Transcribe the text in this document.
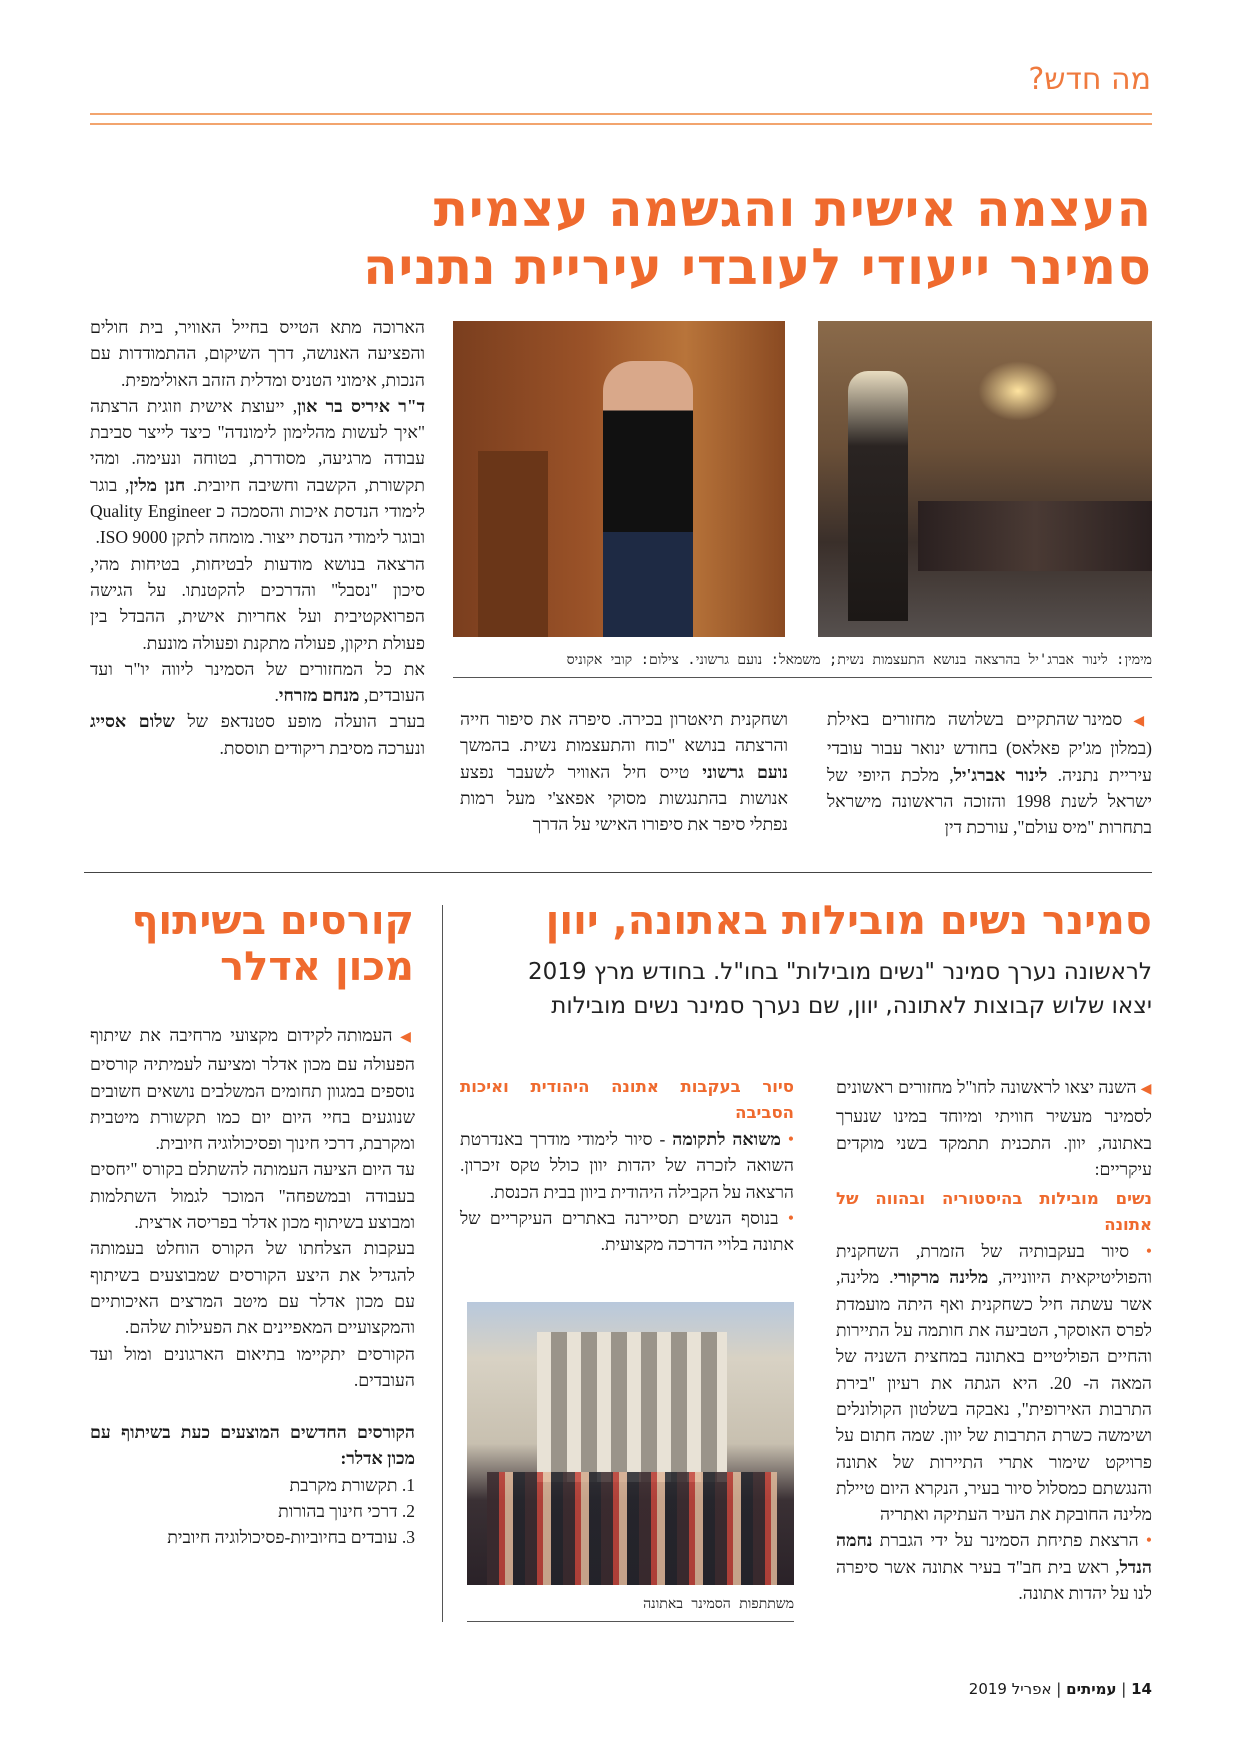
מה חדש?
העצמה אישית והגשמה עצמית
סמינר ייעודי לעובדי עיריית נתניה
מימין: לינור אברג'יל בהרצאה בנושא התעצמות נשית; משמאל: נועם גרשוני. צילום: קובי אקוניס

◀ סמינר שהתקיים בשלושה מחזורים באילת (במלון מג'יק פאלאס) בחודש ינואר עבור עובדי עיריית נתניה. לינור אברג'יל, מלכת היופי של ישראל לשנת 1998 והזוכה הראשונה מישראל בתחרות "מיס עולם", עורכת דין

ושחקנית תיאטרון בכירה. סיפרה את סיפור חייה והרצתה בנושא "כוח והתעצמות נשית. בהמשך נועם גרשוני טייס חיל האוויר לשעבר נפצע אנושות בהתנגשות מסוקי אפאצ'י מעל רמות נפתלי סיפר את סיפורו האישי על הדרך

הארוכה מתא הטייס בחייל האוויר, בית חולים והפציעה האנושה, דרך השיקום, ההתמודדות עם הנכות, אימוני הטניס ומדלית הזהב האולימפית.

ד"ר איריס בר און, ייעוצת אישית וזוגית הרצתה "איך לעשות מהלימון לימונדה" כיצד לייצר סביבת עבודה מרגיעה, מסודרת, בטוחה ונעימה. ומהי תקשורת, הקשבה וחשיבה חיובית. חנן מלין, בוגר לימודי הנדסת איכות והסמכה כ Quality Engineer ובוגר לימודי הנדסת ייצור. מומחה לתקן ISO 9000.

הרצאה בנושא מודעות לבטיחות, בטיחות מהי, סיכון "נסבל" והדרכים להקטנתו. על הגישה הפרואקטיבית ועל אחריות אישית, ההבדל בין פעולת תיקון, פעולה מתקנת ופעולה מונעת.

את כל המחזורים של הסמינר ליווה יו"ר ועד העובדים, מנחם מזרחי.

בערב הועלה מופע סטנדאפ של שלום אסייג ונערכה מסיבת ריקודים תוססת.

סמינר נשים מובילות באתונה, יוון
לראשונה נערך סמינר "נשים מובילות" בחו"ל. בחודש מרץ 2019
יצאו שלוש קבוצות לאתונה, יוון, שם נערך סמינר נשים מובילות

◀ השנה יצאו לראשונה לחו"ל מחזורים ראשונים לסמינר מעשיר חוויתי ומיוחד במינו שנערך באתונה, יוון. התכנית תתמקד בשני מוקדים עיקריים:

נשים מובילות בהיסטוריה ובהווה של אתונה

• סיור בעקבותיה של הזמרת, השחקנית והפוליטיקאית היוונייה, מלינה מרקורי. מלינה, אשר עשתה חיל כשחקנית ואף היתה מועמדת לפרס האוסקר, הטביעה את חותמה על התיירות והחיים הפוליטיים באתונה במחצית השניה של המאה ה- 20. היא הגתה את רעיון "בירת התרבות האירופית", נאבקה בשלטון הקולונלים ושימשה כשרת התרבות של יוון. שמה חתום על פרויקט שימור אתרי התיירות של אתונה והנגשתם כמסלול סיור בעיר, הנקרא היום טיילת מלינה החובקת את העיר העתיקה ואתריה

• הרצאת פתיחת הסמינר על ידי הגברת נחמה הנדל, ראש בית חב"ד בעיר אתונה אשר סיפרה לנו על יהדות אתונה.

סיור בעקבות אתונה היהודית ואיכות הסביבה

• משואה לתקומה - סיור לימודי מודרך באנדרטת השואה לזכרה של יהדות יוון כולל טקס זיכרון. הרצאה על הקבילה היהודית ביוון בבית הכנסת.

• בנוסף הנשים תסיירנה באתרים העיקריים של אתונה בלויי הדרכה מקצועית.

משתתפות הסמינר באתונה
קורסים בשיתוף
מכון אדלר

◀ העמותה לקידום מקצועי מרחיבה את שיתוף הפעולה עם מכון אדלר ומציעה לעמיתיה קורסים נוספים במגוון תחומים המשלבים נושאים חשובים שנוגעים בחיי היום יום כמו תקשורת מיטבית ומקרבת, דרכי חינוך ופסיכולוגיה חיובית.

עד היום הציעה העמותה להשתלם בקורס "יחסים בעבודה ובמשפחה" המוכר לגמול השתלמות ומבוצע בשיתוף מכון אדלר בפריסה ארצית.

בעקבות הצלחתו של הקורס הוחלט בעמותה להגדיל את היצע הקורסים שמבוצעים בשיתוף עם מכון אדלר עם מיטב המרצים האיכותיים והמקצועיים המאפיינים את הפעילות שלהם.

הקורסים יתקיימו בתיאום הארגונים ומול ועד העובדים.

הקורסים החדשים המוצעים כעת בשיתוף עם מכון אדלר:

1. תקשורת מקרבת

2. דרכי חינוך בהורות

3. עובדים בחיוביות-פסיכולוגיה חיובית

14 | עמיתים | אפריל 2019
